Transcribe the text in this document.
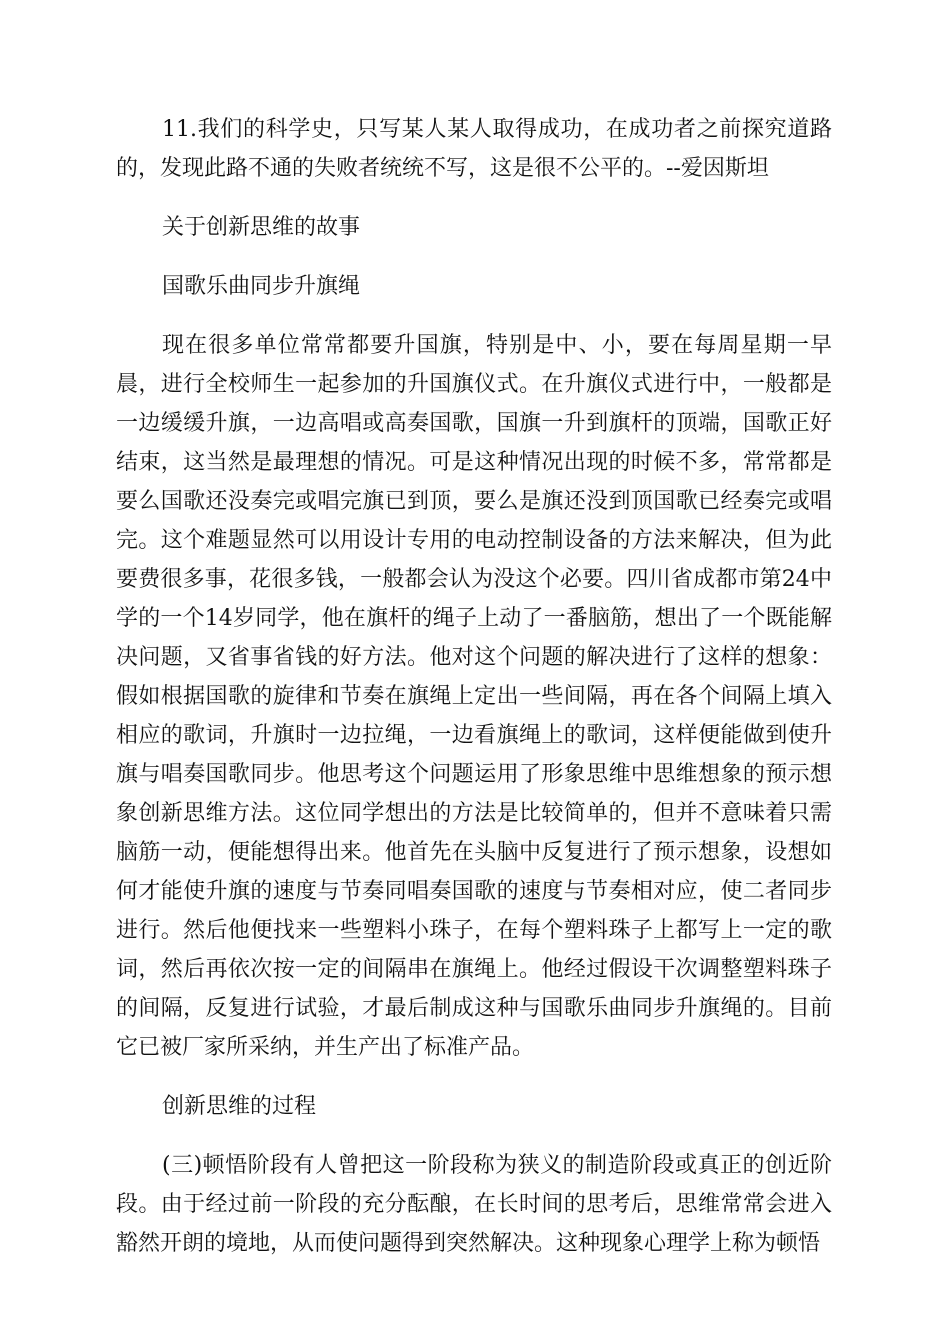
11.我们的科学史，只写某人某人取得成功，在成功者之前探究道路的，发现此路不通的失败者统统不写，这是很不公平的。--爱因斯坦

关于创新思维的故事

国歌乐曲同步升旗绳

现在很多单位常常都要升国旗，特别是中、小，要在每周星期一早晨，进行全校师生一起参加的升国旗仪式。在升旗仪式进行中，一般都是一边缓缓升旗，一边高唱或高奏国歌，国旗一升到旗杆的顶端，国歌正好结束，这当然是最理想的情况。可是这种情况出现的时候不多，常常都是要么国歌还没奏完或唱完旗已到顶，要么是旗还没到顶国歌已经奏完或唱完。这个难题显然可以用设计专用的电动控制设备的方法来解决，但为此要费很多事，花很多钱，一般都会认为没这个必要。四川省成都市第24中学的一个14岁同学，他在旗杆的绳子上动了一番脑筋，想出了一个既能解决问题，又省事省钱的好方法。他对这个问题的解决进行了这样的想象：假如根据国歌的旋律和节奏在旗绳上定出一些间隔，再在各个间隔上填入相应的歌词，升旗时一边拉绳，一边看旗绳上的歌词，这样便能做到使升旗与唱奏国歌同步。他思考这个问题运用了形象思维中思维想象的预示想象创新思维方法。这位同学想出的方法是比较简单的，但并不意味着只需脑筋一动，便能想得出来。他首先在头脑中反复进行了预示想象，设想如何才能使升旗的速度与节奏同唱奏国歌的速度与节奏相对应，使二者同步进行。然后他便找来一些塑料小珠子，在每个塑料珠子上都写上一定的歌词，然后再依次按一定的间隔串在旗绳上。他经过假设干次调整塑料珠子的间隔，反复进行试验，才最后制成这种与国歌乐曲同步升旗绳的。目前它已被厂家所采纳，并生产出了标准产品。

创新思维的过程

(三)顿悟阶段有人曾把这一阶段称为狭义的制造阶段或真正的创近阶段。由于经过前一阶段的充分酝酿，在长时间的思考后，思维常常会进入豁然开朗的境地，从而使问题得到突然解决。这种现象心理学上称为顿悟
